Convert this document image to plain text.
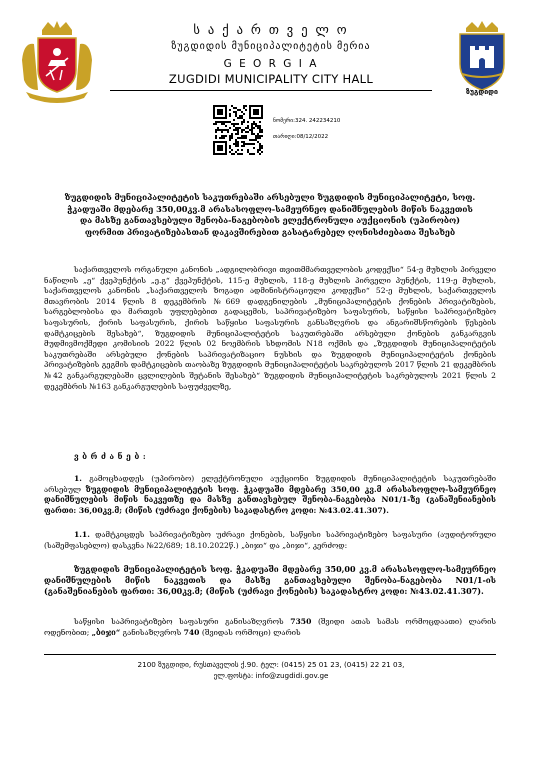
ზუგდიდი
ს ა ქ ა რ თ ვ ე ლ ო
ზუგდიდის მუნიციპალიტეტის მერია
G E O R G I A
ZUGDIDI MUNICIPALITY CITY HALL
ნომერი:324. 242234210
თარიღი:08/12/2022
ზუგდიდის მუნიციპალიტეტის საკუთრებაში არსებული ზუგდიდის მუნიციპალიტეტი, სოფ. ჭკადუაში მდებარე 350,00კვ.მ არასასოფლო-სამეურნეო დანიშნულების მიწის ნაკვეთის და მასზე განთავსებული შენობა-ნაგებობის ელექტრონული აუქციონის (უპირობო) ფორმით პრივატიზებასთან დაკავშირებით გასატარებელ ღონისძიებათა შესახებ
საქართველოს ორგანული კანონის „ადგილობრივი თვითმმართველობის კოდექსი“ 54-ე მუხლის პირველი ნაწილის „ე“ ქვეპუნქტის „ე.გ“ ქვეპუნქტის, 115-ე მუხლის, 118-ე მუხლის პირველი პუნქტის, 119-ე მუხლის, საქართველოს კანონის „საქართველოს ზოგადი ადმინისტრაციული კოდექსი“ 52-ე მუხლის, საქართველოს მთავრობის 2014 წლის 8 დეკემბრის №669 დადგენილების „მუნიციპალიტეტის ქონების პრივატიზების, სარგებლობისა და მართვის უფლებებით გადაცემის, საპრივატიზებო საფასურის, საწყისი საპრივატიზებო საფასურის, ქირის საფასურის, ქირის საწყისი საფასურის განსაზღვრის და ანგარიშსწორების წესების დამტკიცების შესახებ“, ზუგდიდის მუნიციპალიტეტის საკუთრებაში არსებული ქონების განკარგვის მუდმივმოქმედი კომისიის 2022 წლის 02 ნოემბრის სხდომის N18 ოქმის და „ზუგდიდის მუნიციპალიტეტის საკუთრებაში არსებული ქონების საპრივატიზაციო ნუსხის და ზუგდიდის მუნიციპალიტეტის ქონების პრივატიზების გეგმის დამტკიცების თაობაზე ზუგდიდის მუნიციპალიტეტის საკრებულოს 2017 წლის 21 დეკემბრის №42 განკარგულებაში ცვლილების შეტანის შესახებ“ ზუგდიდის მუნიციპალიტეტის საკრებულოს 2021 წლის 2 დეკემბრის №163 განკარგულების საფუძველზე,
ვ ბ რ ძ ა ნ ე ბ :
1. გამოცხადდეს (უპირობო) ელექტრონული აუქციონი ზუგდიდის მუნიციპალიტეტის საკუთრებაში არსებულ ზუგდიდის მუნიციპალიტეტის სოფ. ჭკადუაში მდებარე 350,00 კვ.მ არასასოფლო-სამეურნეო დანიშნულების მიწის ნაკვეთზე და მასზე განთავსებულ შენობა-ნაგებობა N01/1-ზე (განაშენიანების ფართი: 36,00კვ.მ; (მიწის (უძრავი ქონების) საკადასტრო კოდი: №43.02.41.307).
1.1. დამტკიცდეს საპრივატიზებო უძრავი ქონების, საწყისი საპრივატიზებო საფასური (აუდიტორული (საშემფასებლო) დასკვნა №22/689; 18.10.2022წ.) „ბიჯი“ და „ბიჯი“, კერძოდ:
ზუგდიდის მუნიციპალიტეტის სოფ. ჭკადუაში მდებარე 350,00 კვ.მ არასასოფლო-სამეურნეო დანიშნულების მიწის ნაკვეთის და მასზე განთავსებული შენობა-ნაგებობა N01/1-ის (განაშენიანების ფართი: 36,00კვ.მ; (მიწის (უძრავი ქონების) საკადასტრო კოდი: №43.02.41.307).
საწყისი საპრივატიზებო საფასური განისაზღვროს 7350 (შვიდი ათას სამას ორმოცდაათი) ლარის ოდენობით; „ბიჯი“ განისაზღვროს 740 (შვიდას ორმოცი) ლარის
2100 ზუგდიდი, რუსთაველის ქ.90. ტელ: (0415) 25 01 23, (0415) 22 21 03,
ელ.ფოსტა: info@zugdidi.gov.ge
